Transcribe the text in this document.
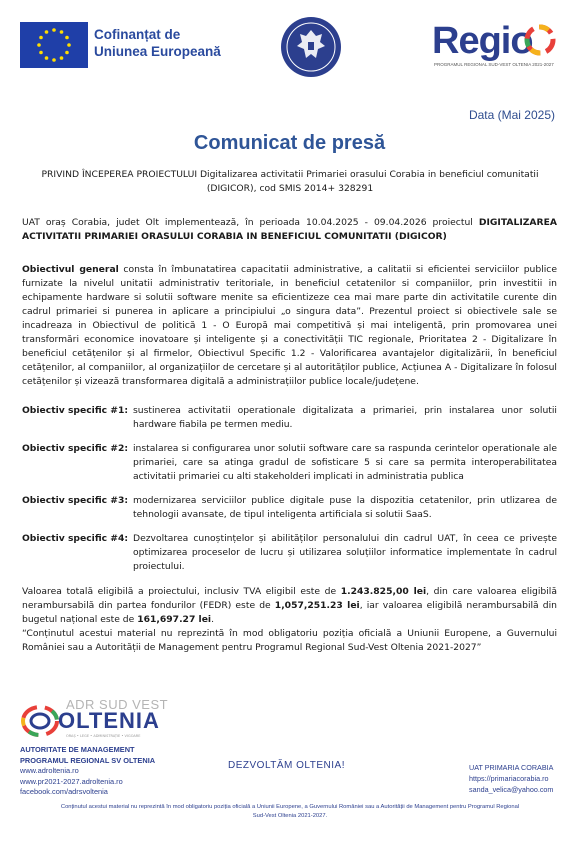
Cofinanțat de
Uniunea Europeană	Regio
PROGRAMUL REGIONAL SUD-VEST OLTENIA 2021-2027
Data (Mai 2025)
Comunicat de presă
PRIVIND ÎNCEPEREA PROIECTULUI Digitalizarea activitatii Primariei orasului Corabia in beneficiul comunitatii (DIGICOR), cod SMIS 2014+ 328291
UAT oraș Corabia, judet Olt implementează, în perioada 10.04.2025 - 09.04.2026 proiectul DIGITALIZAREA ACTIVITATII PRIMARIEI ORASULUI CORABIA IN BENEFICIUL COMUNITATII (DIGICOR)
Obiectivul general consta în îmbunatatirea capacitatii administrative, a calitatii si eficientei serviciilor publice furnizate la nivelul unitatii administrativ teritoriale, in beneficiul cetatenilor si companiilor, prin investitii in echipamente hardware si solutii software menite sa eficientizeze cea mai mare parte din activitatile curente din cadrul primariei si punerea in aplicare a principiului „o singura data”. Prezentul proiect si obiectivele sale se incadreaza in Obiectivul de politică 1 - O Europă mai competitivă și mai inteligentă, prin promovarea unei transformări economice inovatoare și inteligente și a conectivității TIC regionale, Prioritatea 2 - Digitalizare în beneficiul cetățenilor și al firmelor, Obiectivul Specific 1.2 - Valorificarea avantajelor digitalizării, în beneficiul cetățenilor, al companiilor, al organizațiilor de cercetare și al autorităților publice, Acțiunea A - Digitalizare în folosul cetățenilor și vizează transformarea digitală a administrațiilor publice locale/județene.
Obiectiv specific #1: sustinerea activitatii operationale digitalizata a primariei, prin instalarea unor solutii hardware fiabila pe termen mediu.
Obiectiv specific #2: instalarea si configurarea unor solutii software care sa raspunda cerintelor operationale ale primariei, care sa atinga gradul de sofisticare 5 si care sa permita interoperabilitatea activitatii primariei cu alti stakeholderi implicati in administratia publica
Obiectiv specific #3: modernizarea serviciilor publice digitale puse la dispozitia cetatenilor, prin utlizarea de tehnologii avansate, de tipul inteligenta artificiala si solutii SaaS.
Obiectiv specific #4: Dezvoltarea cunoștințelor și abilităților personalului din cadrul UAT, în ceea ce privește optimizarea proceselor de lucru și utilizarea soluțiilor informatice implementate în cadrul proiectului.
Valoarea totală eligibilă a proiectului, inclusiv TVA eligibil este de 1.243.825,00 lei, din care valoarea eligibilă nerambursabilă din partea fondurilor (FEDR) este de 1,057,251.23 lei, iar valoarea eligibilă nerambursabilă din bugetul național este de 161,697.27 lei.
“Conținutul acestui material nu reprezintă în mod obligatoriu poziția oficială a Uniunii Europene, a Guvernului României sau a Autorității de Management pentru Programul Regional Sud-Vest Oltenia 2021-2027”
ADR SUD VEST
OLTENIA
ORAȘ • LEGE • ADMINISTRAȚIE • VIGOARE
AUTORITATE DE MANAGEMENT
PROGRAMUL REGIONAL SV OLTENIA
www.adroltenia.ro
www.pr2021-2027.adroltenia.ro
facebook.com/adrsvoltenia
DEZVOLTĂM OLTENIA!	UAT PRIMARIA CORABIA
https://primariacorabia.ro
sanda_velica@yahoo.com
Conținutul acestui material nu reprezintă în mod obligatoriu poziția oficială a Uniunii Europene, a Guvernului României sau a Autorității de Management pentru Programul Regional Sud-Vest Oltenia 2021-2027.
